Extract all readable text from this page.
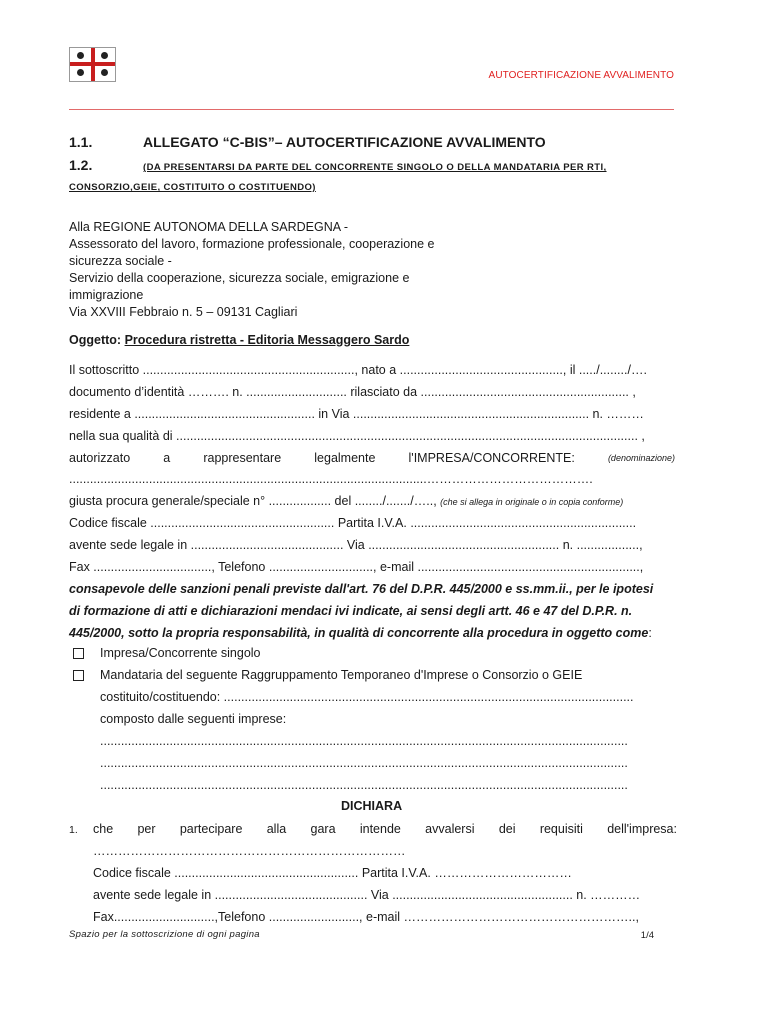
AUTOCERTIFICAZIONE AVVALIMENTO
1.1.	ALLEGATO “C-BIS”– AUTOCERTIFICAZIONE AVVALIMENTO
1.2.	(DA PRESENTARSI DA PARTE DEL CONCORRENTE SINGOLO O DELLA MANDATARIA PER RTI,
CONSORZIO,GEIE, COSTITUITO O COSTITUENDO)
Alla REGIONE AUTONOMA DELLA SARDEGNA -
Assessorato del lavoro, formazione professionale, cooperazione e
sicurezza sociale -
Servizio della cooperazione, sicurezza sociale, emigrazione e
immigrazione
Via XXVIII Febbraio n. 5 – 09131 Cagliari
Oggetto: Procedura ristretta - Editoria Messaggero Sardo
Il sottoscritto ............................................................., nato a ..............................................., il ...../......../….
documento d’identità ………. n. ............................. rilasciato da ............................................................ ,
residente a .................................................... in Via .................................................................... n. ………
nella sua qualità di ..................................................................................................................................... ,
autorizzato	a	rappresentare	legalmente	l'IMPRESA/CONCORRENTE:	(denominazione)
.......................................................................................................………………………………….
giusta procura generale/speciale n° .................. del ......../......./….., (che si allega in originale o in copia conforme)
Codice fiscale ..................................................... Partita I.V.A. .................................................................
avente sede legale in ............................................ Via ....................................................... n. ..................,
Fax .................................., Telefono .............................., e-mail ................................................................,
consapevole delle sanzioni penali previste dall'art. 76 del D.P.R. 445/2000 e ss.mm.ii., per le ipotesi
di formazione di atti e dichiarazioni mendaci ivi indicate, ai sensi degli artt. 46 e 47 del D.P.R. n.
445/2000, sotto la propria responsabilità, in qualità di concorrente alla procedura in oggetto come:
Impresa/Concorrente singolo
Mandataria del seguente Raggruppamento Temporaneo d'Imprese o Consorzio o GEIE
costituito/costituendo: ......................................................................................................................
composto dalle seguenti imprese:
........................................................................................................................................................
........................................................................................................................................................
........................................................................................................................................................
DICHIARA
1. che per partecipare alla gara intende avvalersi dei requisiti dell'impresa:
…………………………………………………………………
Codice fiscale ..................................................... Partita I.V.A. ……………………………
avente sede legale in ............................................ Via .................................................... n. …………
Fax.............................,Telefono .........................., e-mail ………………………………………………..,
Spazio per la sottoscrizione di ogni pagina	1/4
